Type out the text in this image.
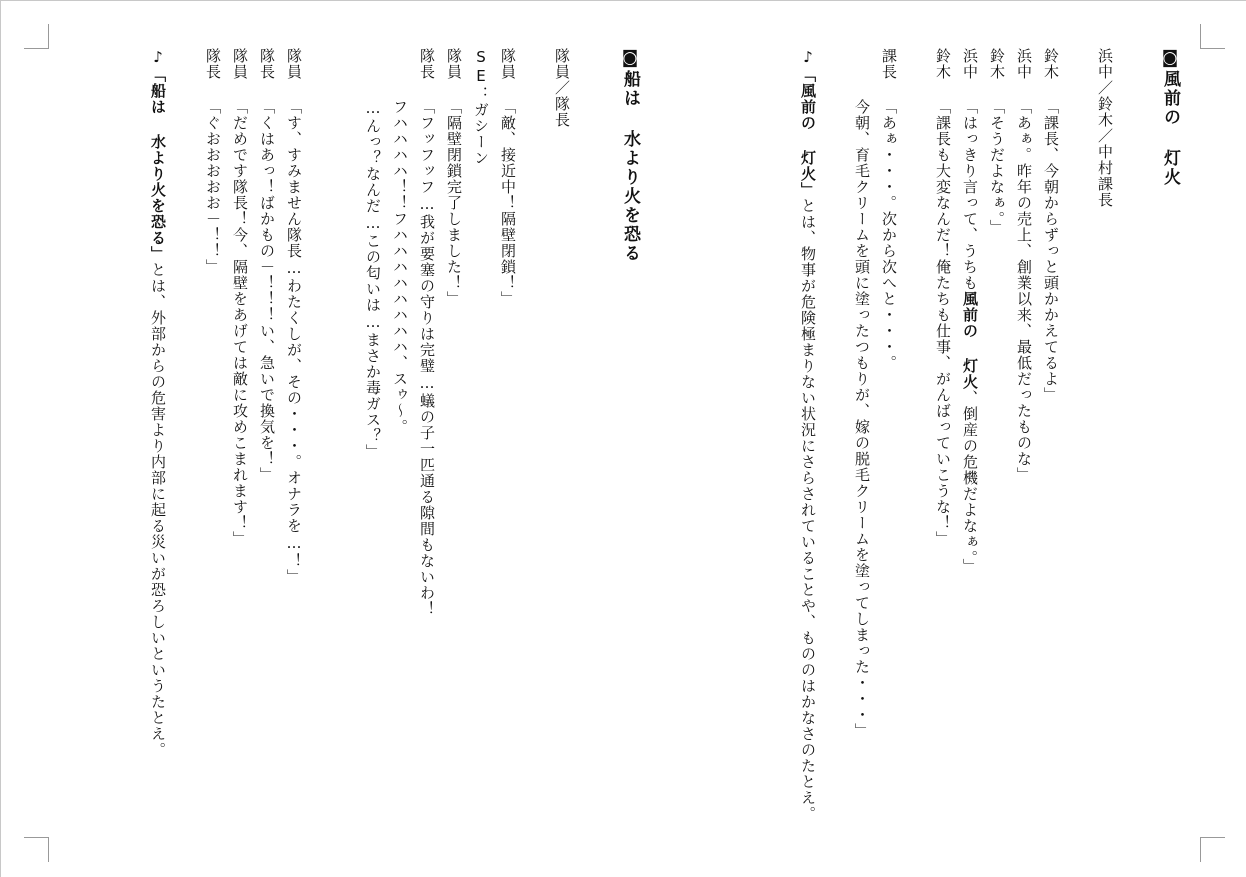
◙風前の 灯火
浜中／鈴木／中村課長
鈴木 「課長、今朝からずっと頭かかえてるよ」
浜中 「あぁ。昨年の売上、創業以来、最低だったものな」
鈴木 「そうだよなぁ。」
浜中 「はっきり言って、うちも風前の 灯火、倒産の危機だよなぁ。」
鈴木 「課長も大変なんだ！俺たちも仕事、がんばっていこうな！」
課長 「あぁ・・・。次から次へと・・・。
　　 今朝、育毛クリームを頭に塗ったつもりが、嫁の脱毛クリームを塗ってしまった・・・」
♪「風前の 灯火」とは、物事が危険極まりない状況にさらされていることや、もののはかなさのたとえ。
◙船は 水より火を恐る
隊員／隊長
隊員 「敵、接近中！隔壁閉鎖！」
SE：ガシーン
隊員 「隔壁閉鎖完了しました！」
隊長 「フッフッフ…我が要塞の守りは完璧…蟻の子一匹通る隙間もないわ！
　　 フハハハハ！！フハハハハハハハハ、スゥ～。
　　 …んっ？なんだ…この匂いは…まさか毒ガス？」
隊員 「す、すみません隊長…わたくしが、その・・・。オナラを…！」
隊長 「くはあっ！ばかもの－！！！い、急いで換気を！」
隊員 「だめです隊長！今、隔壁をあげては敵に攻めこまれます！」
隊長 「ぐおおおおお－！！」
♪「船は 水より火を恐る」とは、外部からの危害より内部に起る災いが恐ろしいというたとえ。
